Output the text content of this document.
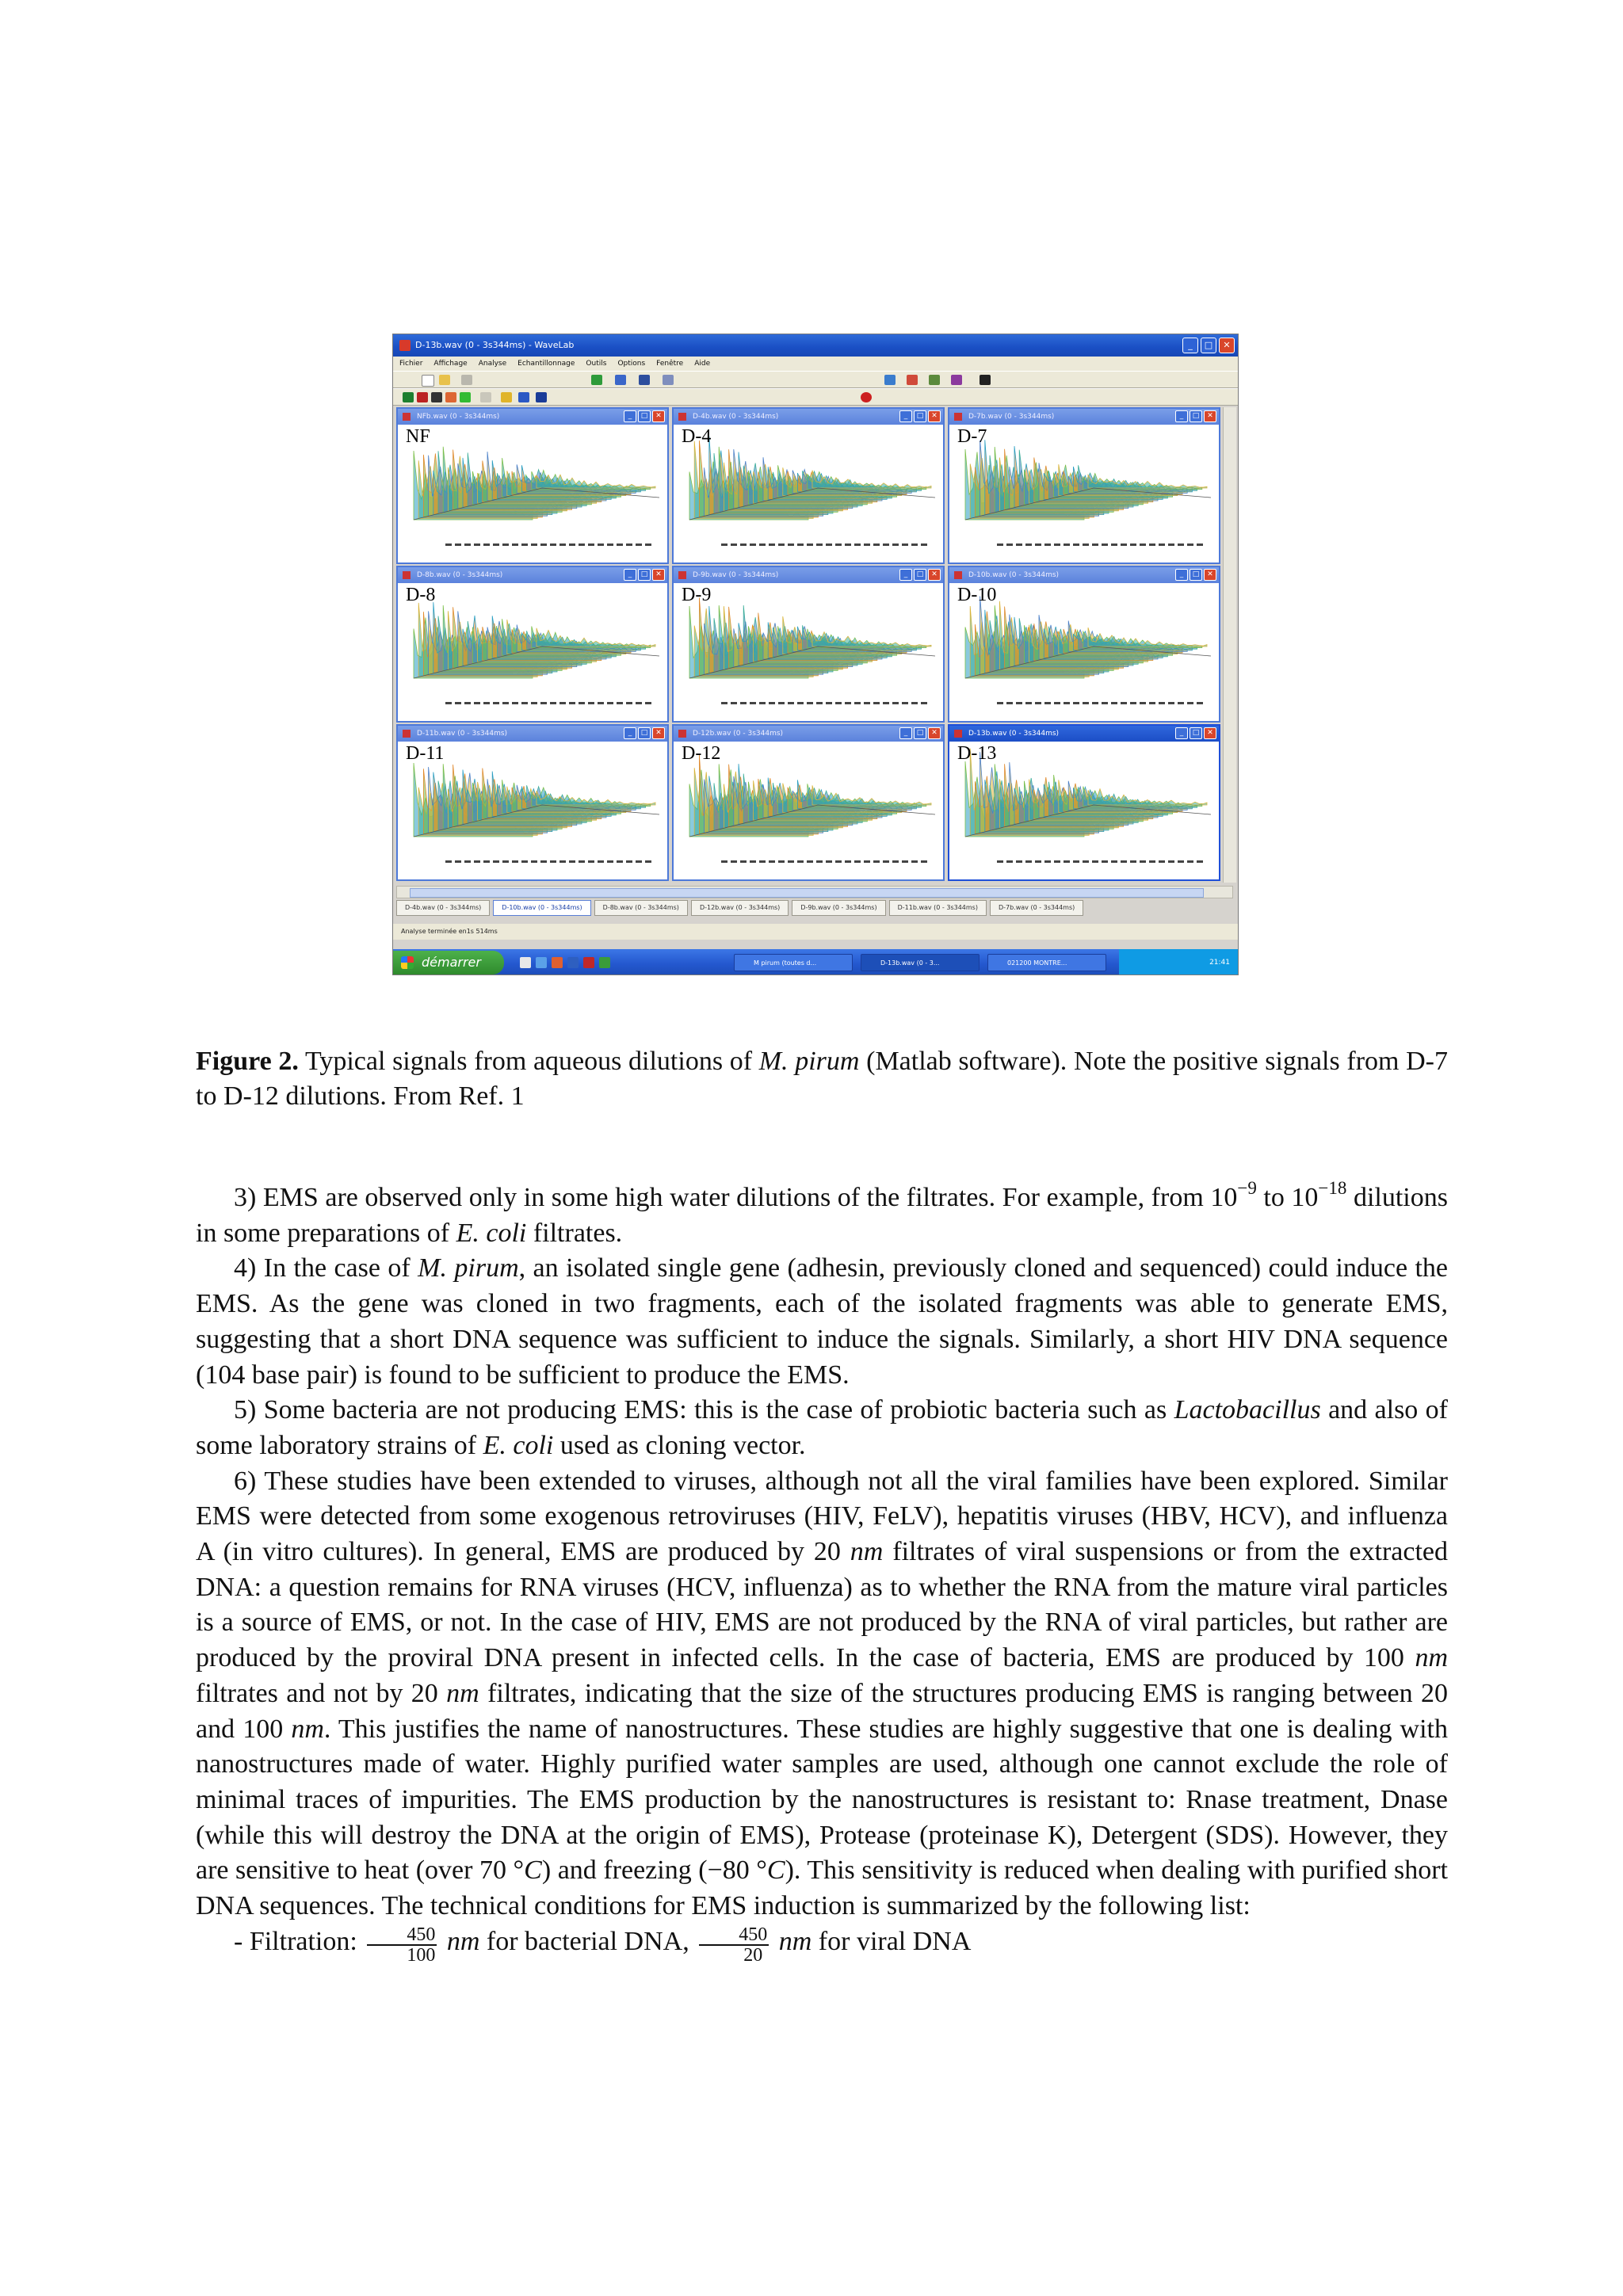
D-13b.wav (0 - 3s344ms) - WaveLab	_	□	✕
Fichier Affichage Analyse Echantillonnage Outils Options Fenêtre Aide
NFb.wav (0 - 3s344ms)	_	□	✕
NF
D-4b.wav (0 - 3s344ms)	_	□	✕
D-4
D-7b.wav (0 - 3s344ms)	_	□	✕
D-7
D-8b.wav (0 - 3s344ms)	_	□	✕
D-8
D-9b.wav (0 - 3s344ms)	_	□	✕
D-9
D-10b.wav (0 - 3s344ms)	_	□	✕
D-10
D-11b.wav (0 - 3s344ms)	_	□	✕
D-11
D-12b.wav (0 - 3s344ms)	_	□	✕
D-12
D-13b.wav (0 - 3s344ms)	_	□	✕
D-13
D-4b.wav (0 - 3s344ms)	D-10b.wav (0 - 3s344ms)	D-8b.wav (0 - 3s344ms)	D-12b.wav (0 - 3s344ms)	D-9b.wav (0 - 3s344ms)	D-11b.wav (0 - 3s344ms)	D-7b.wav (0 - 3s344ms)
Analyse terminée en1s 514ms
démarrer	M pirum (toutes d...	D-13b.wav (0 - 3...	021200 MONTRE...	21:41
Figure 2. Typical signals from aqueous dilutions of M. pirum (Matlab software). Note the positive signals from D-7 to D-12 dilutions. From Ref. 1

3) EMS are observed only in some high water dilutions of the filtrates. For example, from $10^{-9}$ to $10^{-18}$ dilutions in some preparations of E. coli filtrates.

4) In the case of M. pirum, an isolated single gene (adhesin, previously cloned and sequenced) could induce the EMS. As the gene was cloned in two fragments, each of the isolated fragments was able to generate EMS, suggesting that a short DNA sequence was sufficient to induce the signals. Similarly, a short HIV DNA sequence (104 base pair) is found to be sufficient to produce the EMS.

5) Some bacteria are not producing EMS: this is the case of probiotic bacteria such as Lactobacillus and also of some laboratory strains of E. coli used as cloning vector.

6) These studies have been extended to viruses, although not all the viral families have been explored. Similar EMS were detected from some exogenous retroviruses (HIV, FeLV), hepatitis viruses (HBV, HCV), and influenza A (in vitro cultures). In general, EMS are produced by 20 nm filtrates of viral suspensions or from the extracted DNA: a question remains for RNA viruses (HCV, influenza) as to whether the RNA from the mature viral particles is a source of EMS, or not. In the case of HIV, EMS are not produced by the RNA of viral particles, but rather are produced by the proviral DNA present in infected cells. In the case of bacteria, EMS are produced by 100 nm filtrates and not by 20 nm filtrates, indicating that the size of the structures producing EMS is ranging between 20 and 100 nm. This justifies the name of nanostructures. These studies are highly suggestive that one is dealing with nanostructures made of water. Highly purified water samples are used, although one cannot exclude the role of minimal traces of impurities. The EMS production by the nanostructures is resistant to: Rnase treatment, Dnase (while this will destroy the DNA at the origin of EMS), Protease (proteinase K), Detergent (SDS). However, they are sensitive to heat (over 70 °C) and freezing (−80 °C). This sensitivity is reduced when dealing with purified short DNA sequences. The technical conditions for EMS induction is summarized by the following list:

- Filtration: $\frac{450}{100}$ nm for bacterial DNA, $\frac{450}{20}$ nm for viral DNA
